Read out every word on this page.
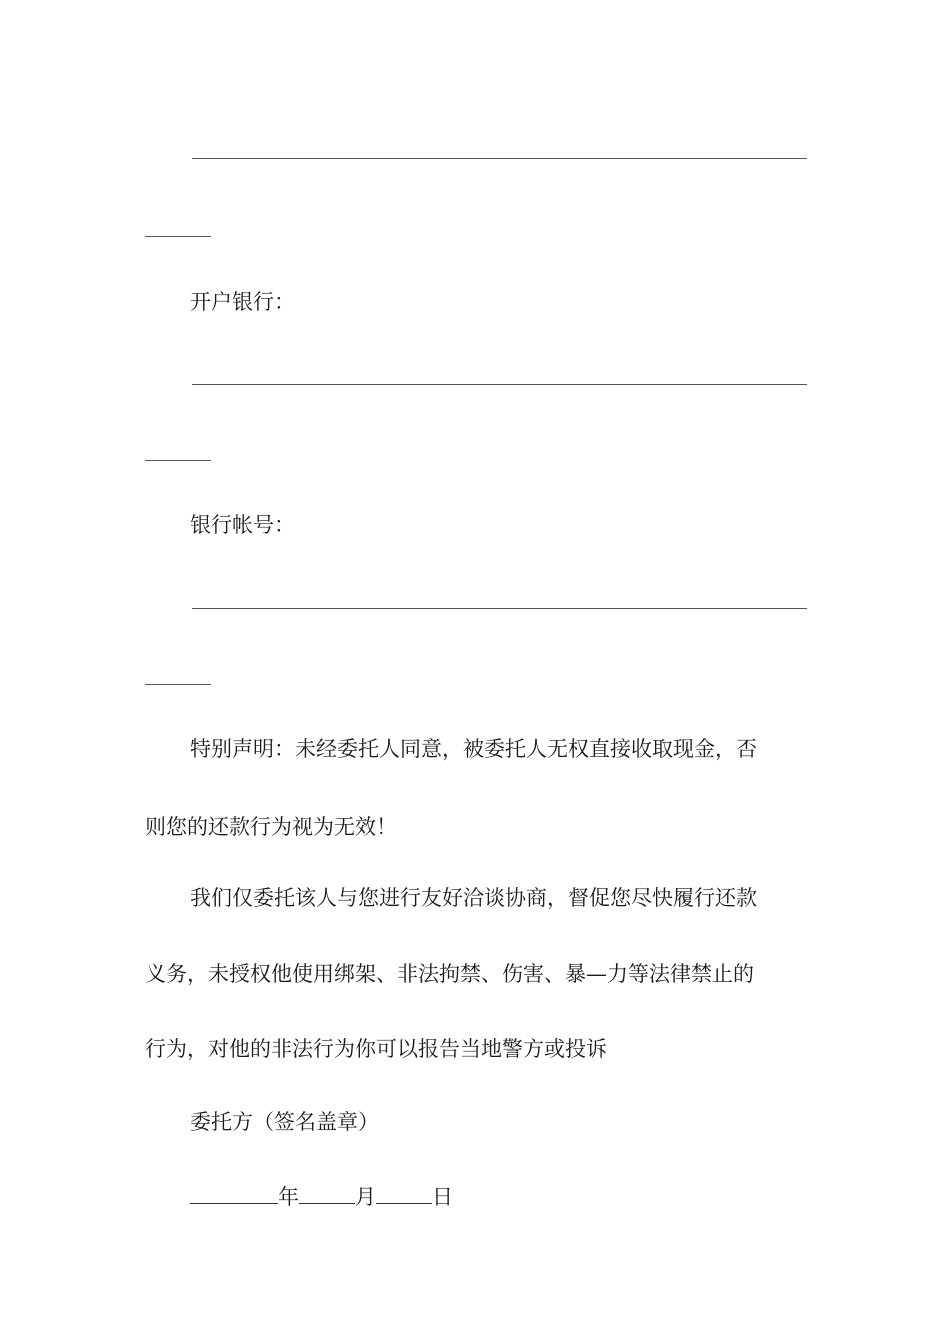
开户银行：
银行帐号：
特别声明：未经委托人同意，被委托人无权直接收取现金，否
则您的还款行为视为无效！
我们仅委托该人与您进行友好洽谈协商，督促您尽快履行还款
义务，未授权他使用绑架、非法拘禁、伤害、暴—力等法律禁止的
行为，对他的非法行为你可以报告当地警方或投诉
委托方（签名盖章）
年	月	日
